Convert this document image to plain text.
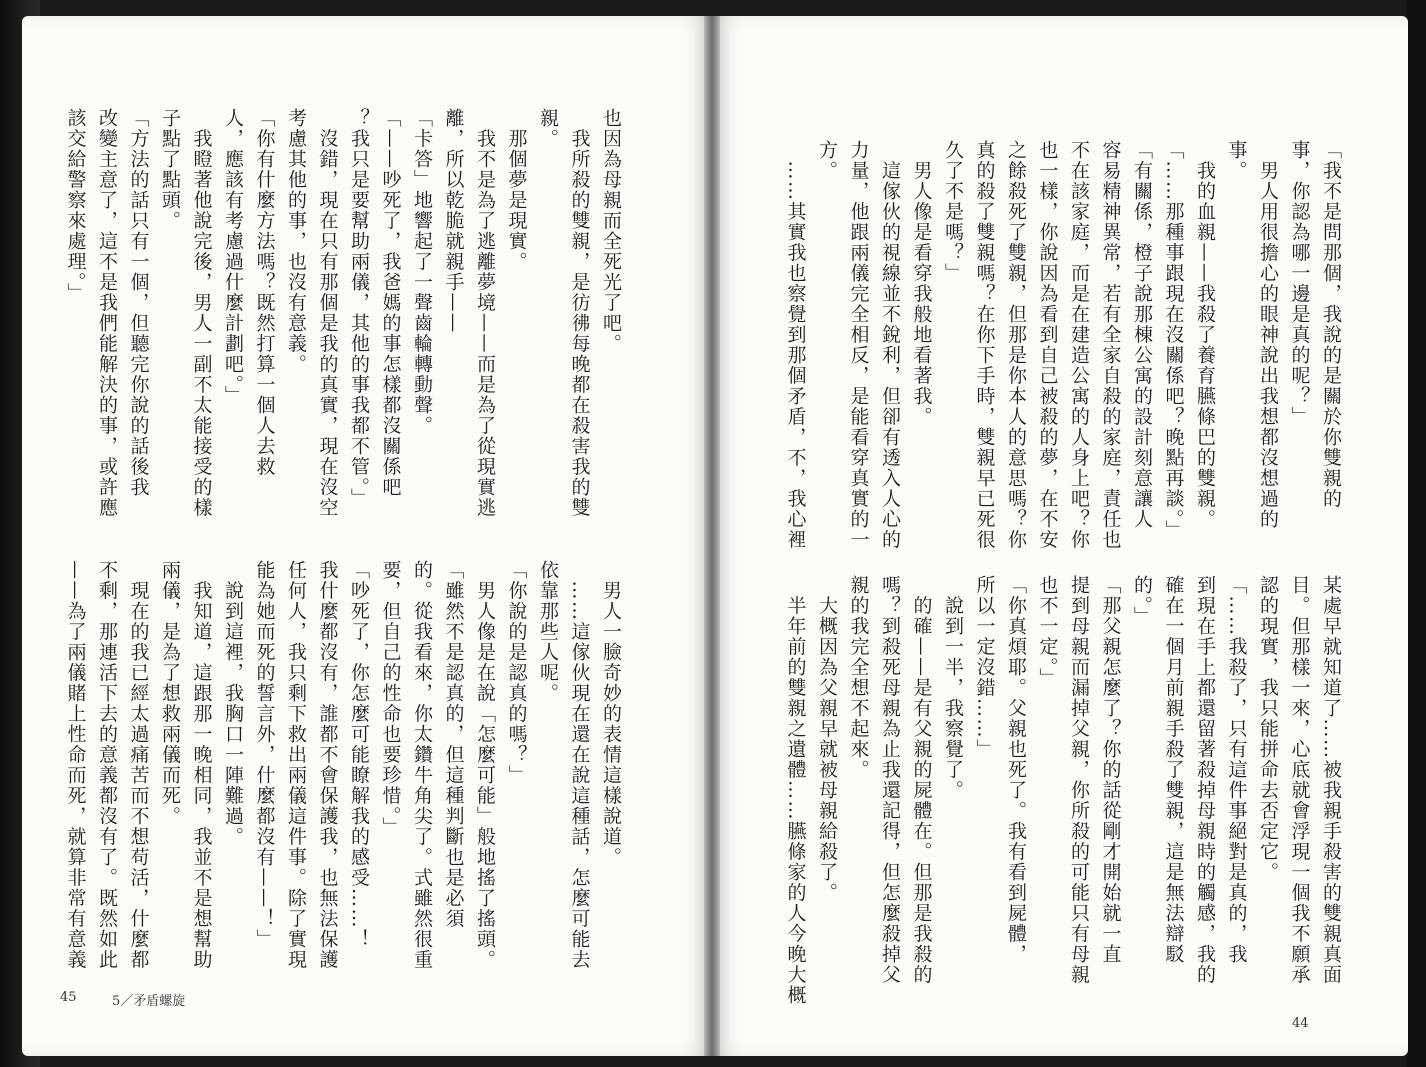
「我不是問那個，我說的是關於你雙親的
事，你認為哪一邊是真的呢？」
　男人用很擔心的眼神說出我想都沒想過的
事。
　我的血親——我殺了養育臙條巴的雙親。
「……那種事跟現在沒關係吧？晚點再談。」
「有關係，橙子說那棟公寓的設計刻意讓人
容易精神異常，若有全家自殺的家庭，責任也
不在該家庭，而是在建造公寓的人身上吧？你
也一樣，你說因為看到自己被殺的夢，在不安
之餘殺死了雙親，但那是你本人的意思嗎？你
真的殺了雙親嗎？在你下手時，雙親早已死很
久了不是嗎？」
　男人像是看穿我般地看著我。
　這傢伙的視線並不銳利，但卻有透入人心的
力量，他跟兩儀完全相反，是能看穿真實的一
方。
　……其實我也察覺到那個矛盾，不，我心裡
某處早就知道了……被我親手殺害的雙親真面
目。但那樣一來，心底就會浮現一個我不願承
認的現實，我只能拼命去否定它。
「……我殺了，只有這件事絕對是真的，我
到現在手上都還留著殺掉母親時的觸感，我的
確在一個月前親手殺了雙親，這是無法辯駁
的。」
「那父親怎麼了？你的話從剛才開始就一直
提到母親而漏掉父親，你所殺的可能只有母親
也不一定。」
「你真煩耶。父親也死了。我有看到屍體，
所以一定沒錯……」
　說到一半，我察覺了。
　的確——是有父親的屍體在。但那是我殺的
嗎？到殺死母親為止我還記得，但怎麼殺掉父
親的我完全想不起來。
　大概因為父親早就被母親給殺了。
　半年前的雙親之遺體……臙條家的人今晚大概
44
也因為母親而全死光了吧。
　我所殺的雙親，是彷彿每晚都在殺害我的雙
親。
　那個夢是現實。
　我不是為了逃離夢境——而是為了從現實逃
離，所以乾脆就親手——
「卡答」地響起了一聲齒輪轉動聲。
「——吵死了，我爸媽的事怎樣都沒關係吧
？我只是要幫助兩儀，其他的事我都不管。」
　沒錯，現在只有那個是我的真實，現在沒空
考慮其他的事，也沒有意義。
「你有什麼方法嗎？既然打算一個人去救
人，應該有考慮過什麼計劃吧。」
　我瞪著他說完後，男人一副不太能接受的樣
子點了點頭。
「方法的話只有一個，但聽完你說的話後我
改變主意了，這不是我們能解決的事，或許應
該交給警察來處理。」
　男人一臉奇妙的表情這樣說道。
　……這傢伙現在還在說這種話，怎麼可能去
依靠那些人呢。
「你說的是認真的嗎？」
　男人像是在說「怎麼可能」般地搖了搖頭。
「雖然不是認真的，但這種判斷也是必須
的。從我看來，你太鑽牛角尖了。式雖然很重
要，但自己的性命也要珍惜。」
「吵死了，你怎麼可能瞭解我的感受……！
我什麼都沒有，誰都不會保護我，也無法保護
任何人，我只剩下救出兩儀這件事。除了實現
能為她而死的誓言外，什麼都沒有——！」
　說到這裡，我胸口一陣難過。
　我知道，這跟那一晚相同，我並不是想幫助
兩儀，是為了想救兩儀而死。
　現在的我已經太過痛苦而不想苟活，什麼都
不剩，那連活下去的意義都沒有了。既然如此
——為了兩儀賭上性命而死，就算非常有意義
45	5／矛盾螺旋
